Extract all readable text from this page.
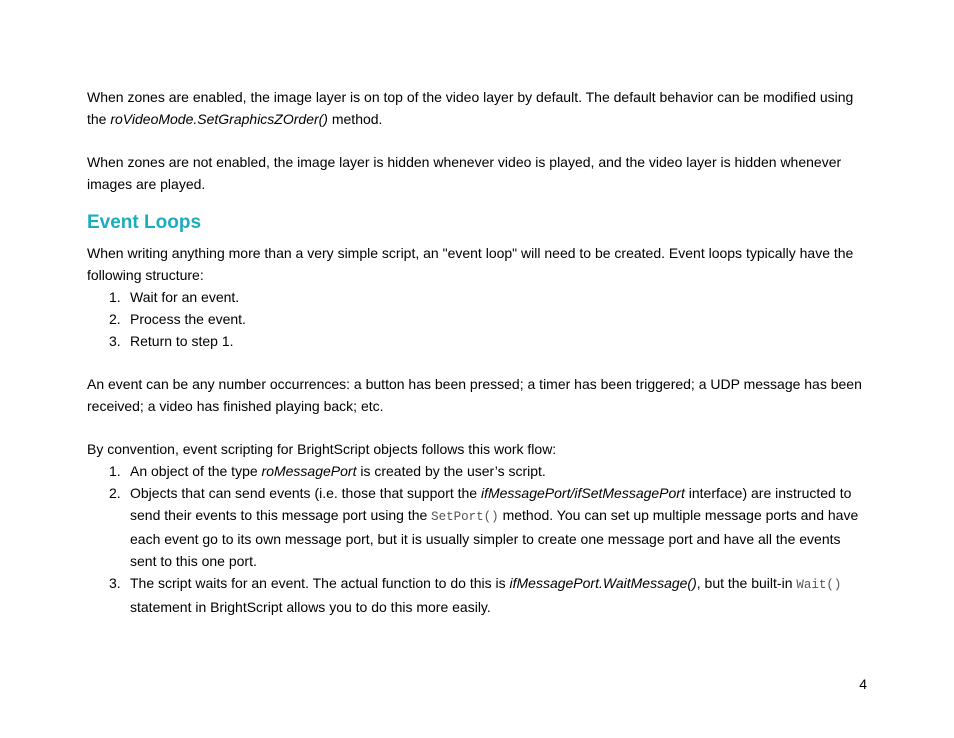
When zones are enabled, the image layer is on top of the video layer by default. The default behavior can be modified using the roVideoMode.SetGraphicsZOrder() method.

When zones are not enabled, the image layer is hidden whenever video is played, and the video layer is hidden whenever images are played.

Event Loops

When writing anything more than a very simple script, an "event loop" will need to be created. Event loops typically have the following structure:

1. Wait for an event.
2. Process the event.
3. Return to step 1.

An event can be any number occurrences: a button has been pressed; a timer has been triggered; a UDP message has been received; a video has finished playing back; etc.

By convention, event scripting for BrightScript objects follows this work flow:

1. An object of the type roMessagePort is created by the user’s script.
2. Objects that can send events (i.e. those that support the ifMessagePort/ifSetMessagePort interface) are instructed to send their events to this message port using the SetPort() method. You can set up multiple message ports and have each event go to its own message port, but it is usually simpler to create one message port and have all the events sent to this one port.
3. The script waits for an event. The actual function to do this is ifMessagePort.WaitMessage(), but the built-in Wait() statement in BrightScript allows you to do this more easily.
4
